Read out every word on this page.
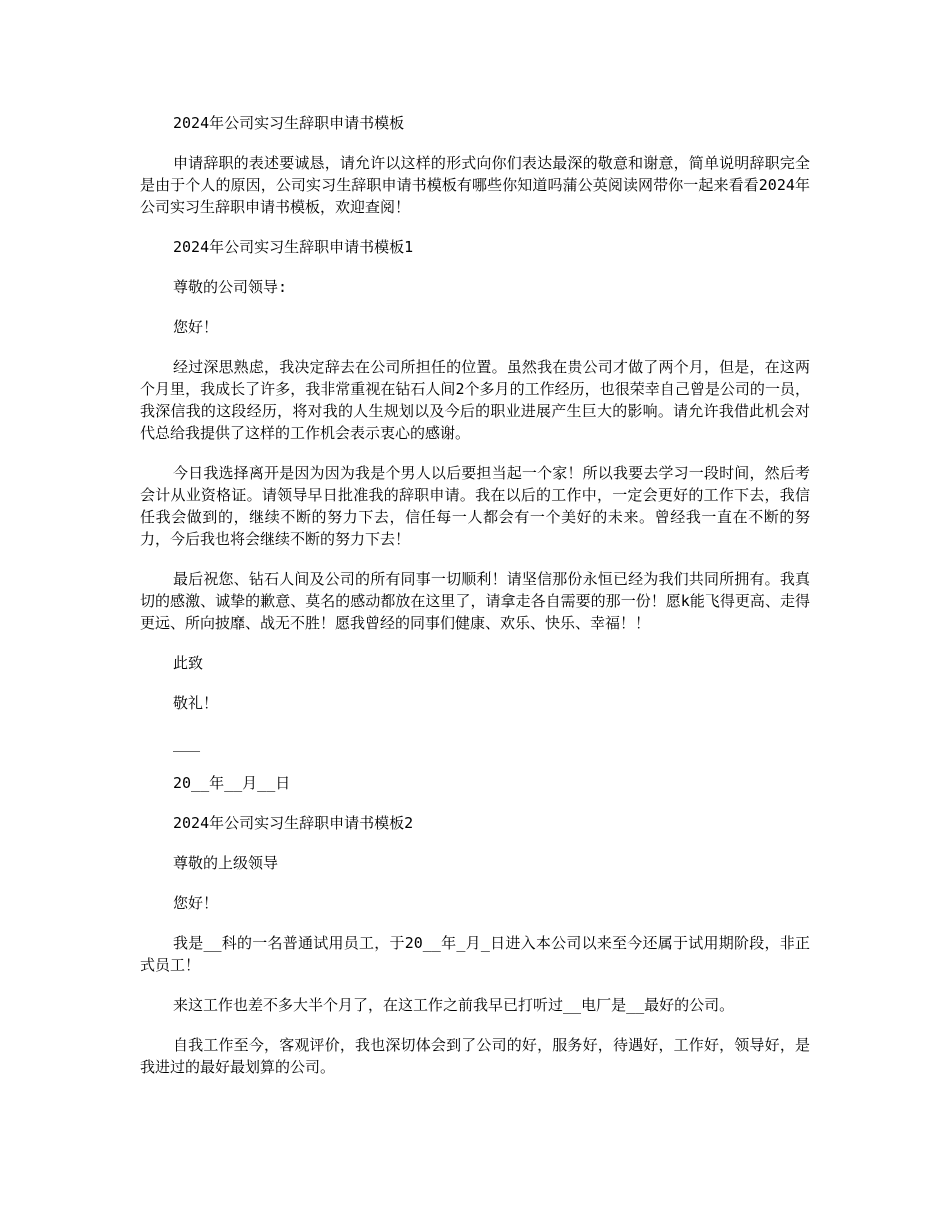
2024年公司实习生辞职申请书模板

申请辞职的表述要诚恳，请允许以这样的形式向你们表达最深的敬意和谢意，简单说明辞职完全是由于个人的原因，公司实习生辞职申请书模板有哪些你知道吗蒲公英阅读网带你一起来看看2024年公司实习生辞职申请书模板，欢迎查阅！

2024年公司实习生辞职申请书模板1

尊敬的公司领导:

您好！

经过深思熟虑，我决定辞去在公司所担任的位置。虽然我在贵公司才做了两个月，但是，在这两个月里，我成长了许多，我非常重视在钻石人间2个多月的工作经历，也很荣幸自己曾是公司的一员，我深信我的这段经历，将对我的人生规划以及今后的职业进展产生巨大的影响。请允许我借此机会对代总给我提供了这样的工作机会表示衷心的感谢。

今日我选择离开是因为因为我是个男人以后要担当起一个家！所以我要去学习一段时间，然后考会计从业资格证。请领导早日批准我的辞职申请。我在以后的工作中，一定会更好的工作下去，我信任我会做到的，继续不断的努力下去，信任每一人都会有一个美好的未来。曾经我一直在不断的努力，今后我也将会继续不断的努力下去！

最后祝您、钻石人间及公司的所有同事一切顺利！请坚信那份永恒已经为我们共同所拥有。我真切的感激、诚挚的歉意、莫名的感动都放在这里了，请拿走各自需要的那一份！愿k能飞得更高、走得更远、所向披靡、战无不胜！愿我曾经的同事们健康、欢乐、快乐、幸福！！

此致

敬礼！

___

20__年__月__日

2024年公司实习生辞职申请书模板2

尊敬的上级领导

您好！

我是__科的一名普通试用员工，于20__年_月_日进入本公司以来至今还属于试用期阶段，非正式员工！

来这工作也差不多大半个月了，在这工作之前我早已打听过__电厂是__最好的公司。

自我工作至今，客观评价，我也深切体会到了公司的好，服务好，待遇好，工作好，领导好，是我进过的最好最划算的公司。
